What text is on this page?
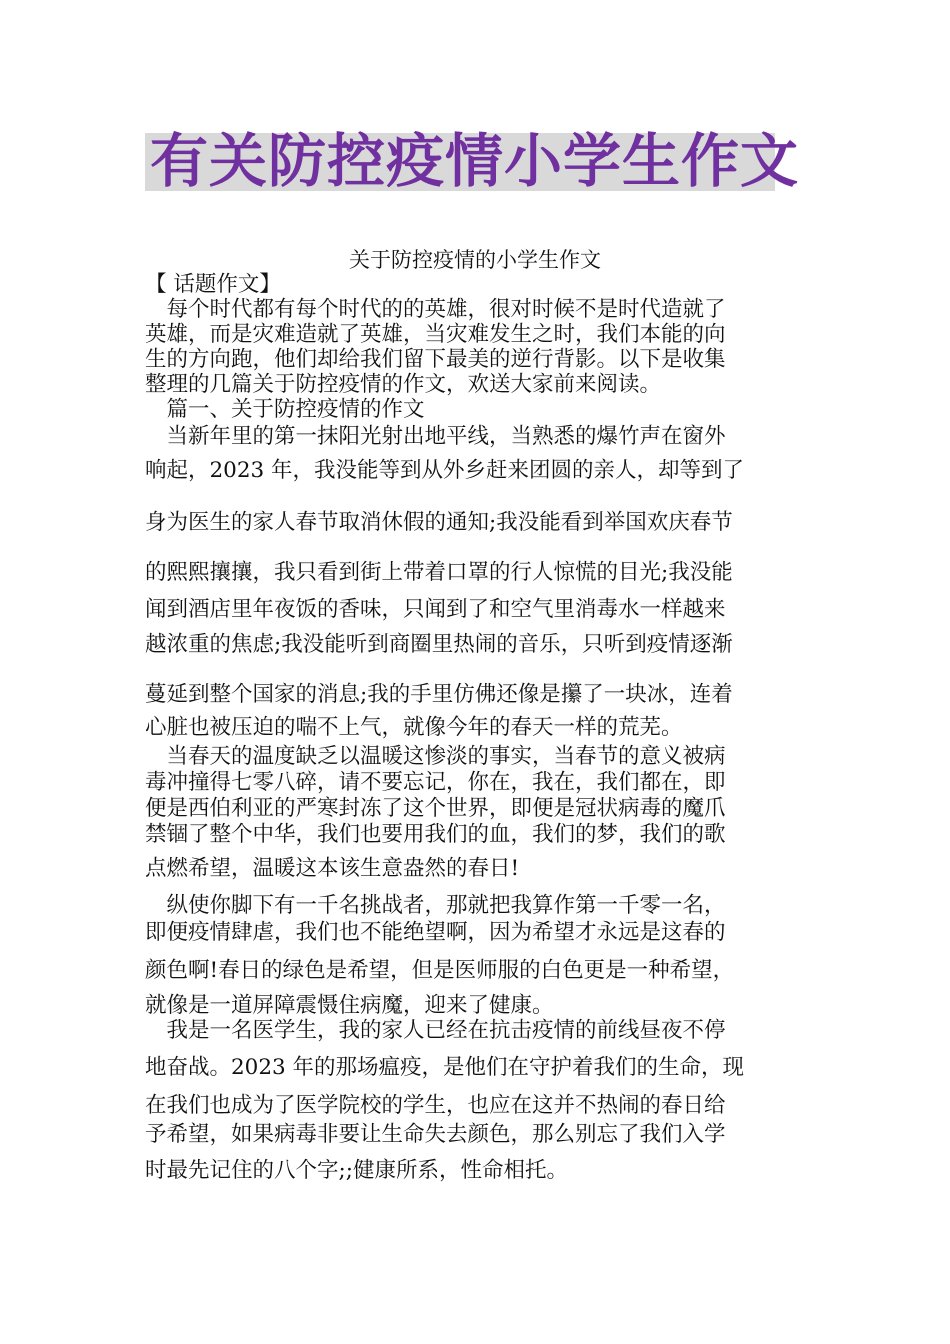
有关防控疫情小学生作文
关于防控疫情的小学生作文
【 话题作文】
　每个时代都有每个时代的的英雄，很对时候不是时代造就了
英雄，而是灾难造就了英雄，当灾难发生之时，我们本能的向
生的方向跑，他们却给我们留下最美的逆行背影。以下是收集
整理的几篇关于防控疫情的作文，欢送大家前来阅读。
　篇一、关于防控疫情的作文
　当新年里的第一抹阳光射出地平线，当熟悉的爆竹声在窗外
响起，2023 年，我没能等到从外乡赶来团圆的亲人，却等到了
身为医生的家人春节取消休假的通知;我没能看到举国欢庆春节
的熙熙攘攘，我只看到街上带着口罩的行人惊慌的目光;我没能
闻到酒店里年夜饭的香味，只闻到了和空气里消毒水一样越来
越浓重的焦虑;我没能听到商圈里热闹的音乐，只听到疫情逐渐
蔓延到整个国家的消息;我的手里仿佛还像是攥了一块冰，连着
心脏也被压迫的喘不上气，就像今年的春天一样的荒芜。
　当春天的温度缺乏以温暖这惨淡的事实，当春节的意义被病
毒冲撞得七零八碎，请不要忘记，你在，我在，我们都在，即
便是西伯利亚的严寒封冻了这个世界，即便是冠状病毒的魔爪
禁锢了整个中华，我们也要用我们的血，我们的梦，我们的歌
点燃希望，温暖这本该生意盎然的春日!
　纵使你脚下有一千名挑战者，那就把我算作第一千零一名，
即便疫情肆虐，我们也不能绝望啊，因为希望才永远是这春的
颜色啊!春日的绿色是希望，但是医师服的白色更是一种希望，
就像是一道屏障震慑住病魔，迎来了健康。
　我是一名医学生，我的家人已经在抗击疫情的前线昼夜不停
地奋战。2023 年的那场瘟疫，是他们在守护着我们的生命，现
在我们也成为了医学院校的学生，也应在这并不热闹的春日给
予希望，如果病毒非要让生命失去颜色，那么别忘了我们入学
时最先记住的八个字;;健康所系，性命相托。
